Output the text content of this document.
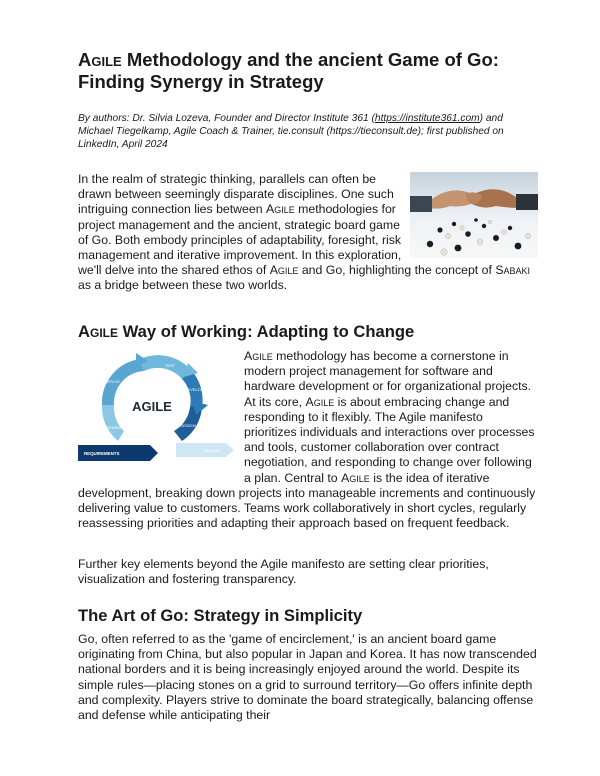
Agile Methodology and the ancient Game of Go:
Finding Synergy in Strategy

By authors: Dr. Silvia Lozeva, Founder and Director Institute 361 (https://institute361.com) and Michael Tiegelkamp, Agile Coach & Trainer, tie.consult (https://tieconsult.de); first published on LinkedIn, April 2024

In the realm of strategic thinking, parallels can often be drawn between seemingly disparate disciplines. One such intriguing connection lies between Agile methodologies for project management and the ancient, strategic board game of Go. Both embody principles of adaptability, foresight, risk management and iterative improvement. In this exploration, we'll delve into the shared ethos of Agile and Go, highlighting the concept of Sabaki as a bridge between these two worlds.

Agile Way of Working: Adapting to Change
AGILE
TEST
DEPLOY
DEVELOP
DESIGN
REVIEW
REQUIREMENTS
LAUNCH

Agile methodology has become a cornerstone in modern project management for software and hardware development or for organizational projects. At its core, Agile is about embracing change and responding to it flexibly. The Agile manifesto prioritizes individuals and interactions over processes and tools, customer collaboration over contract negotiation, and responding to change over following a plan. Central to Agile is the idea of iterative development, breaking down projects into manageable increments and continuously delivering value to customers. Teams work collaboratively in short cycles, regularly reassessing priorities and adapting their approach based on frequent feedback.

Further key elements beyond the Agile manifesto are setting clear priorities, visualization and fostering transparency.

The Art of Go: Strategy in Simplicity

Go, often referred to as the 'game of encirclement,' is an ancient board game originating from China, but also popular in Japan and Korea. It has now transcended national borders and it is being increasingly enjoyed around the world. Despite its simple rules—placing stones on a grid to surround territory—Go offers infinite depth and complexity. Players strive to dominate the board strategically, balancing offense and defense while anticipating their
